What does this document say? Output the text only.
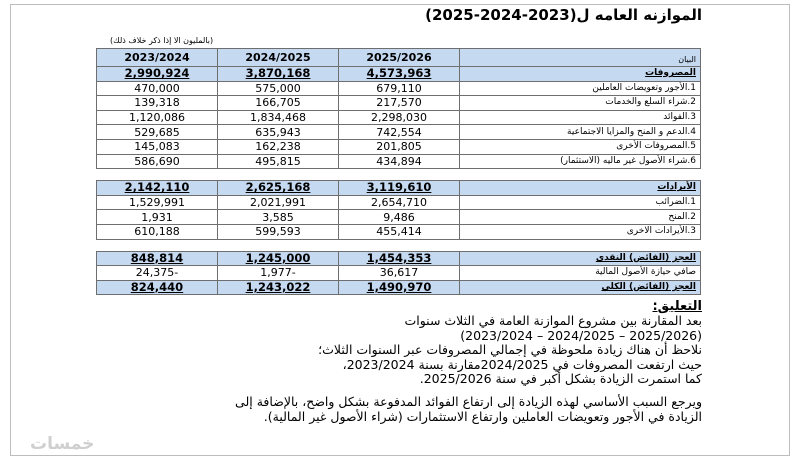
الموازنه العامه ل(2023-2024-2025)
(بالمليون الا إذا ذكر خلاف ذلك)
2023/2024	2024/2025	2025/2026	البيان
2,990,924	3,870,168	4,573,963	المصروفات
470,000	575,000	679,110	1.الأجور وتعويضات العاملين
139,318	166,705	217,570	2.شراء السلع والخدمات
1,120,086	1,834,468	2,298,030	3.الفوائد
529,685	635,943	742,554	4.الدعم و المنح والمزايا الاجتماعية
145,083	162,238	201,805	5.المصروفات الأخرى
586,690	495,815	434,894	6.شراء الأصول غير ماليه (الاستثمار)

2,142,110	2,625,168	3,119,610	الأيرادات
1,529,991	2,021,991	2,654,710	1.الضرائب
1,931	3,585	9,486	2.المنح
610,188	599,593	455,414	3.الأيرادات الاخرى

848,814	1,245,000	1,454,353	العجز (الفائض) النقدي
24,375-	1,977-	36,617	صافي حيازة الأصول المالية
824,440	1,243,022	1,490,970	العجز (الفائض) الكلي
التعليق:

بعد المقارنة بين مشروع الموازنة العامة في الثلاث سنوات

(2025/2026 – 2024/2025 – 2023/2024)

نلاحظ أن هناك زيادة ملحوظة في إجمالي المصروفات عبر السنوات الثلاث؛

حيث ارتفعت المصروفات في 2024/2025مقارنة بسنة 2023/2024،

كما استمرت الزيادة بشكل أكبر في سنة 2025/2026.

ويرجع السبب الأساسي لهذه الزيادة إلى ارتفاع الفوائد المدفوعة بشكل واضح، بالإضافة إلى

الزيادة في الأجور وتعويضات العاملين وارتفاع الاستثمارات (شراء الأصول غير المالية).

خمسات
